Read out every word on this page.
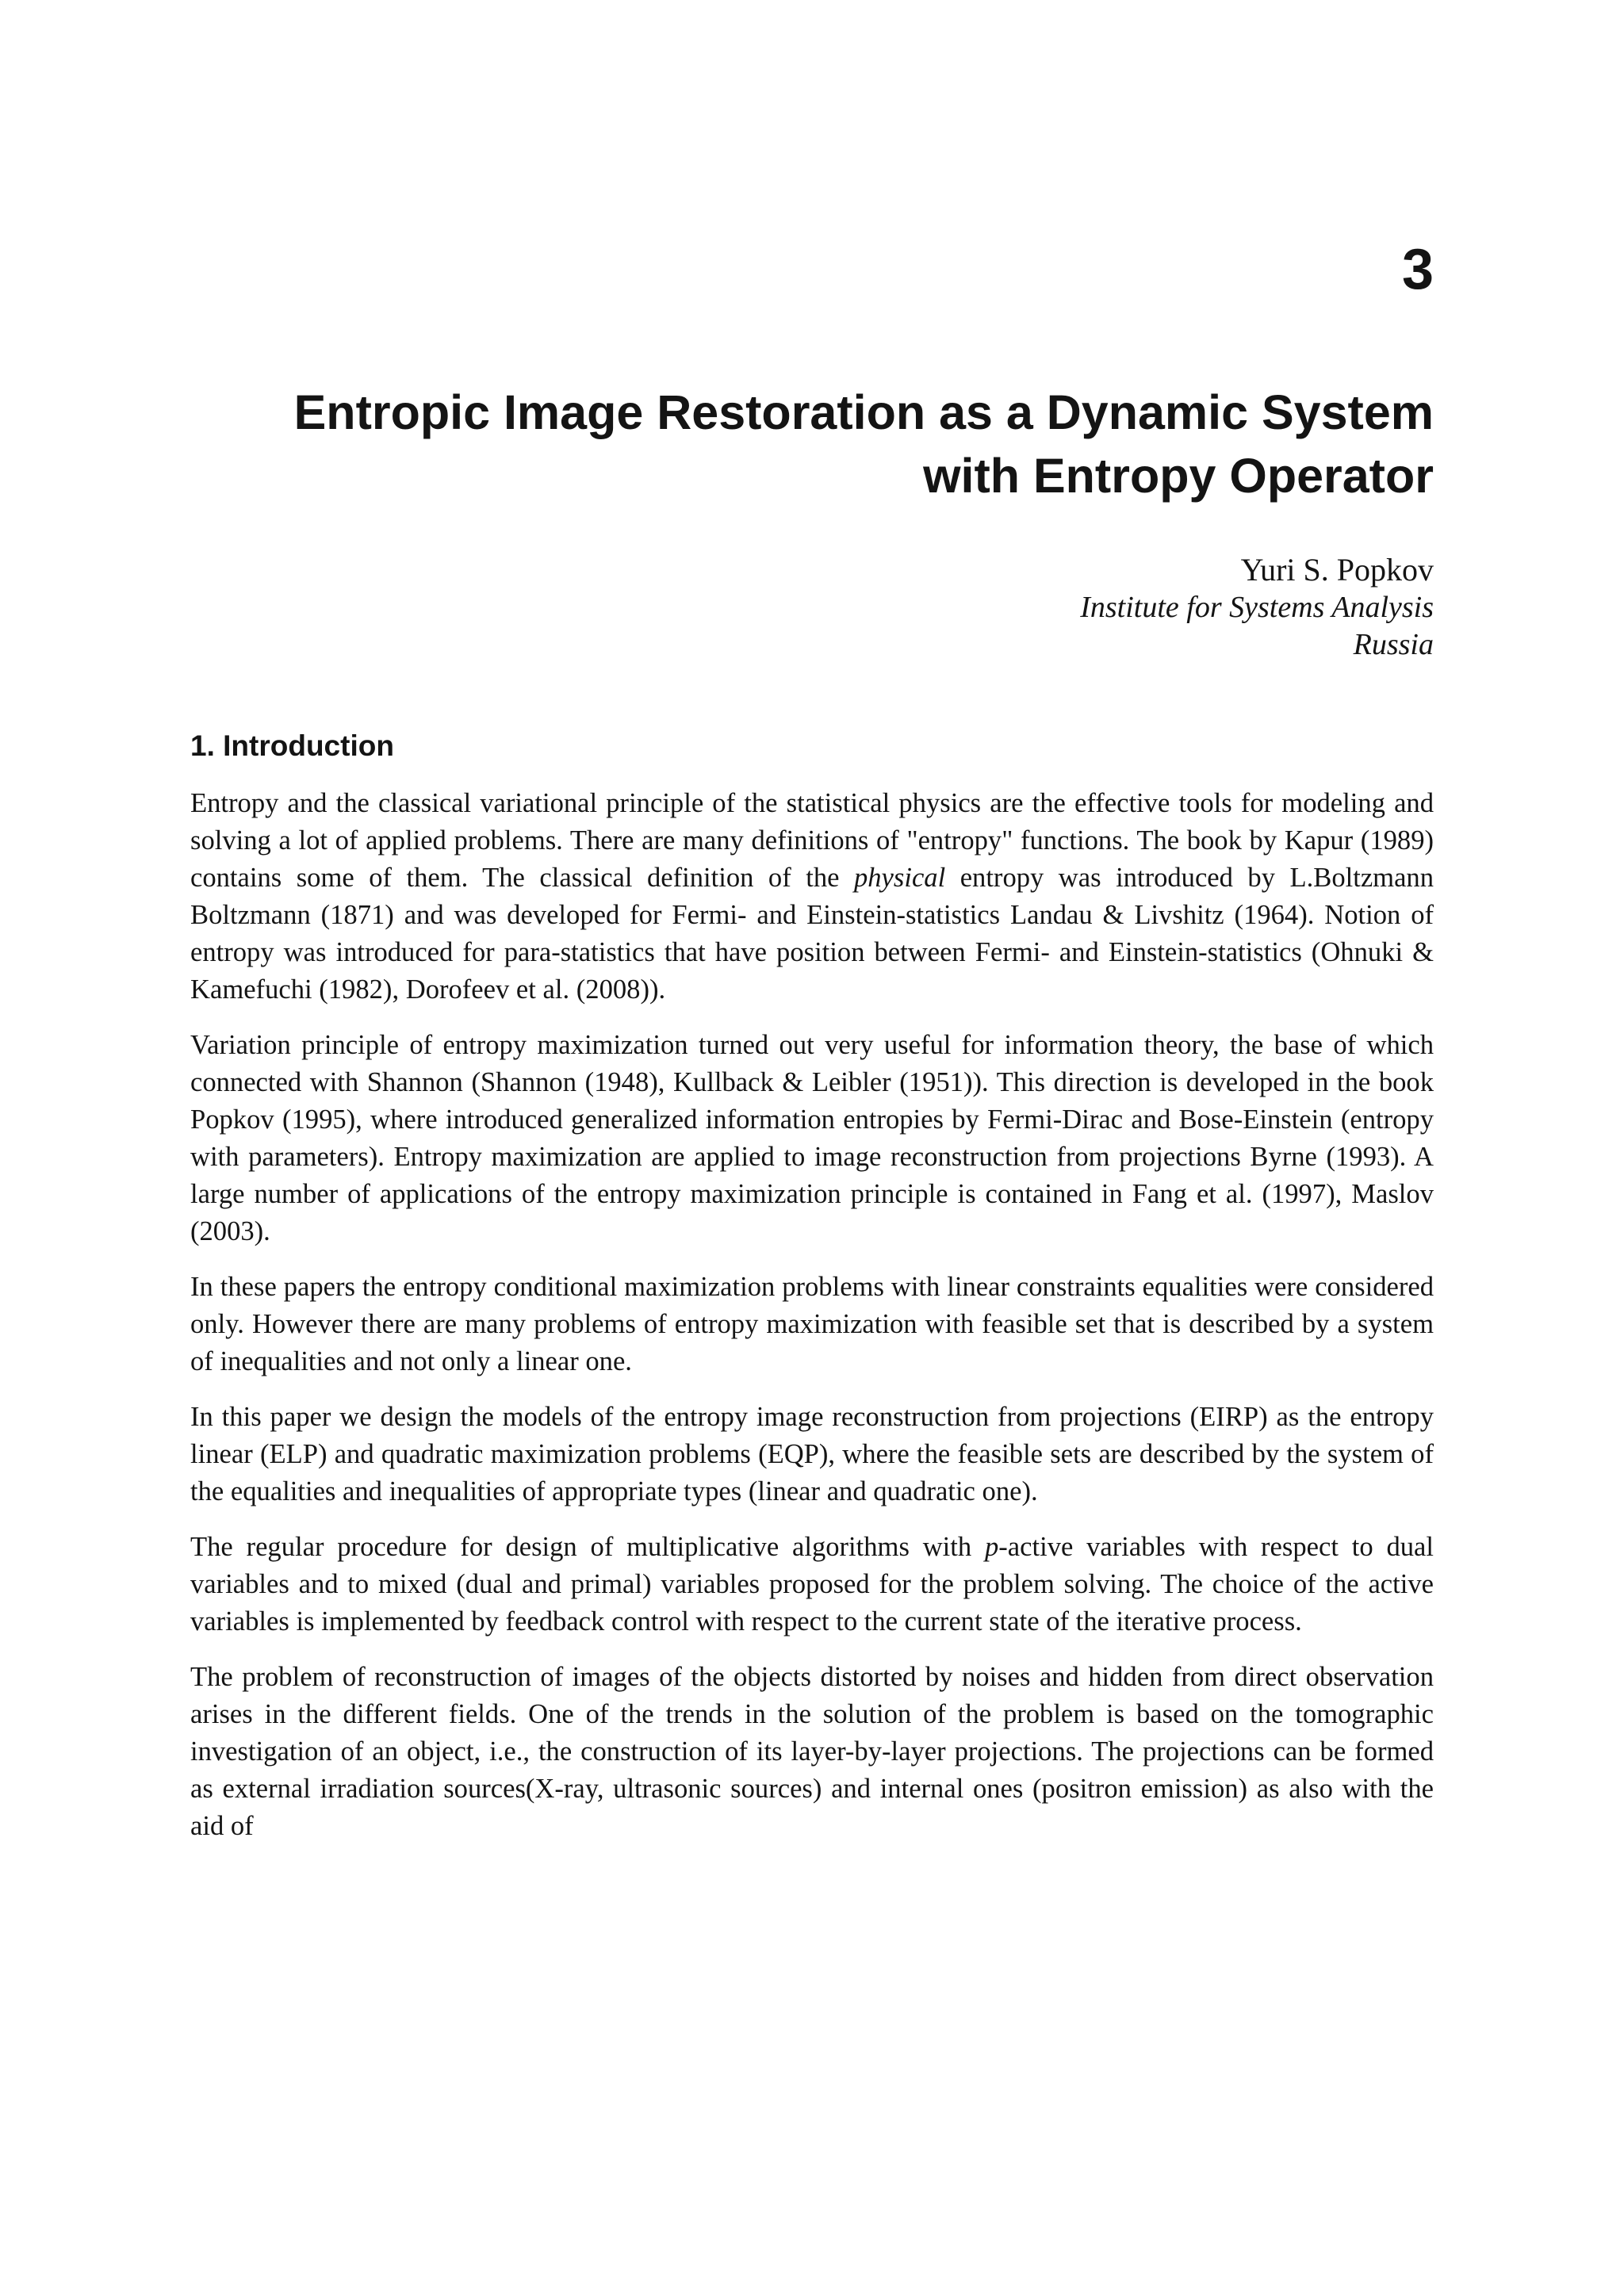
3
Entropic Image Restoration as a Dynamic System
with Entropy Operator
Yuri S. Popkov
Institute for Systems Analysis
Russia
1. Introduction

Entropy and the classical variational principle of the statistical physics are the effective tools for modeling and solving a lot of applied problems. There are many definitions of "entropy" functions. The book by Kapur (1989) contains some of them. The classical definition of the physical entropy was introduced by L.Boltzmann Boltzmann (1871) and was developed for Fermi- and Einstein-statistics Landau & Livshitz (1964). Notion of entropy was introduced for para-statistics that have position between Fermi- and Einstein-statistics (Ohnuki & Kamefuchi (1982), Dorofeev et al. (2008)).

Variation principle of entropy maximization turned out very useful for information theory, the base of which connected with Shannon (Shannon (1948), Kullback & Leibler (1951)). This direction is developed in the book Popkov (1995), where introduced generalized information entropies by Fermi-Dirac and Bose-Einstein (entropy with parameters). Entropy maximization are applied to image reconstruction from projections Byrne (1993). A large number of applications of the entropy maximization principle is contained in Fang et al. (1997), Maslov (2003).

In these papers the entropy conditional maximization problems with linear constraints equalities were considered only. However there are many problems of entropy maximization with feasible set that is described by a system of inequalities and not only a linear one.

In this paper we design the models of the entropy image reconstruction from projections (EIRP) as the entropy linear (ELP) and quadratic maximization problems (EQP), where the feasible sets are described by the system of the equalities and inequalities of appropriate types (linear and quadratic one).

The regular procedure for design of multiplicative algorithms with p-active variables with respect to dual variables and to mixed (dual and primal) variables proposed for the problem solving. The choice of the active variables is implemented by feedback control with respect to the current state of the iterative process.

The problem of reconstruction of images of the objects distorted by noises and hidden from direct observation arises in the different fields. One of the trends in the solution of the problem is based on the tomographic investigation of an object, i.e., the construction of its layer-by-layer projections. The projections can be formed as external irradiation sources(X-ray, ultrasonic sources) and internal ones (positron emission) as also with the aid of
